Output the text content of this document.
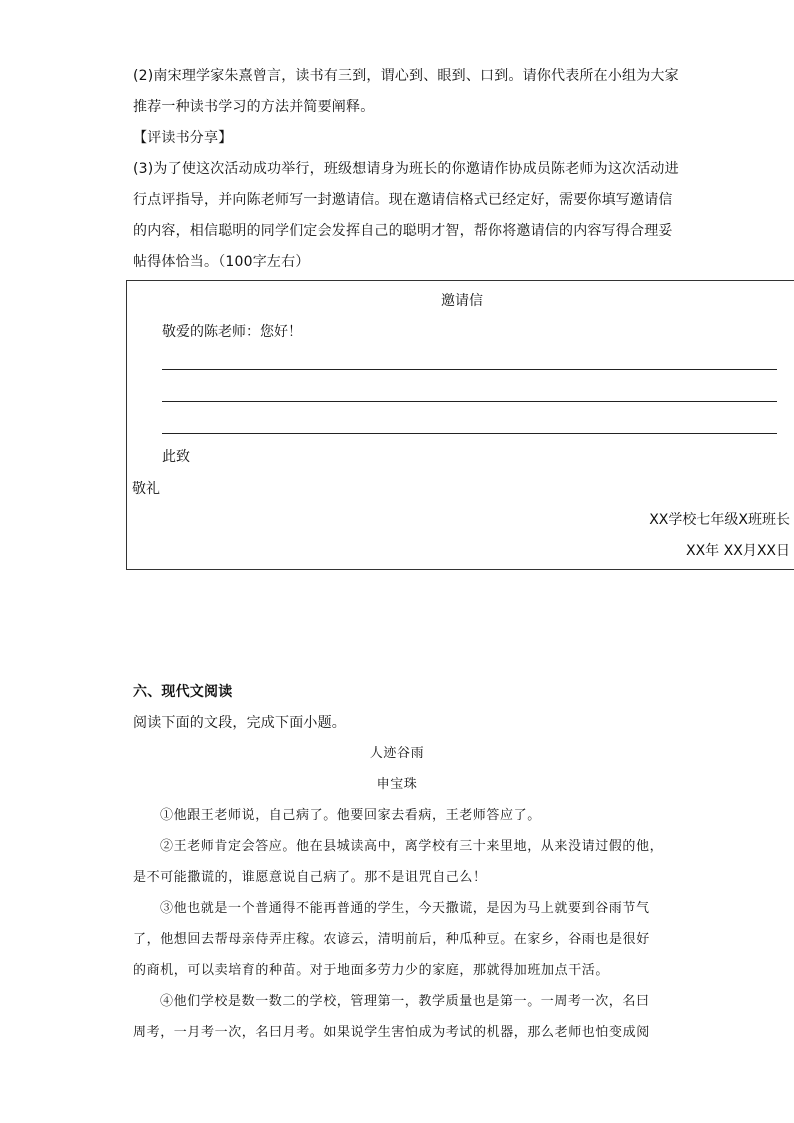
(2)南宋理学家朱熹曾言，读书有三到，谓心到、眼到、口到。请你代表所在小组为大家
推荐一种读书学习的方法并简要阐释。
【评读书分享】
(3)为了使这次活动成功举行，班级想请身为班长的你邀请作协成员陈老师为这次活动进
行点评指导，并向陈老师写一封邀请信。现在邀请信格式已经定好，需要你填写邀请信
的内容，相信聪明的同学们定会发挥自己的聪明才智，帮你将邀请信的内容写得合理妥
帖得体恰当。（100字左右）
邀请信
敬爱的陈老师：您好！
此致
敬礼
XX学校七年级X班班长
XX年 XX月XX日
六、现代文阅读
阅读下面的文段，完成下面小题。
人迹谷雨
申宝珠
①他跟王老师说，自己病了。他要回家去看病，王老师答应了。
②王老师肯定会答应。他在县城读高中，离学校有三十来里地，从来没请过假的他，
是不可能撒谎的，谁愿意说自己病了。那不是诅咒自己么！
③他也就是一个普通得不能再普通的学生，今天撒谎，是因为马上就要到谷雨节气
了，他想回去帮母亲侍弄庄稼。农谚云，清明前后，种瓜种豆。在家乡，谷雨也是很好
的商机，可以卖培育的种苗。对于地面多劳力少的家庭，那就得加班加点干活。
④他们学校是数一数二的学校，管理第一，教学质量也是第一。一周考一次，名曰
周考，一月考一次，名曰月考。如果说学生害怕成为考试的机器，那么老师也怕变成阅
